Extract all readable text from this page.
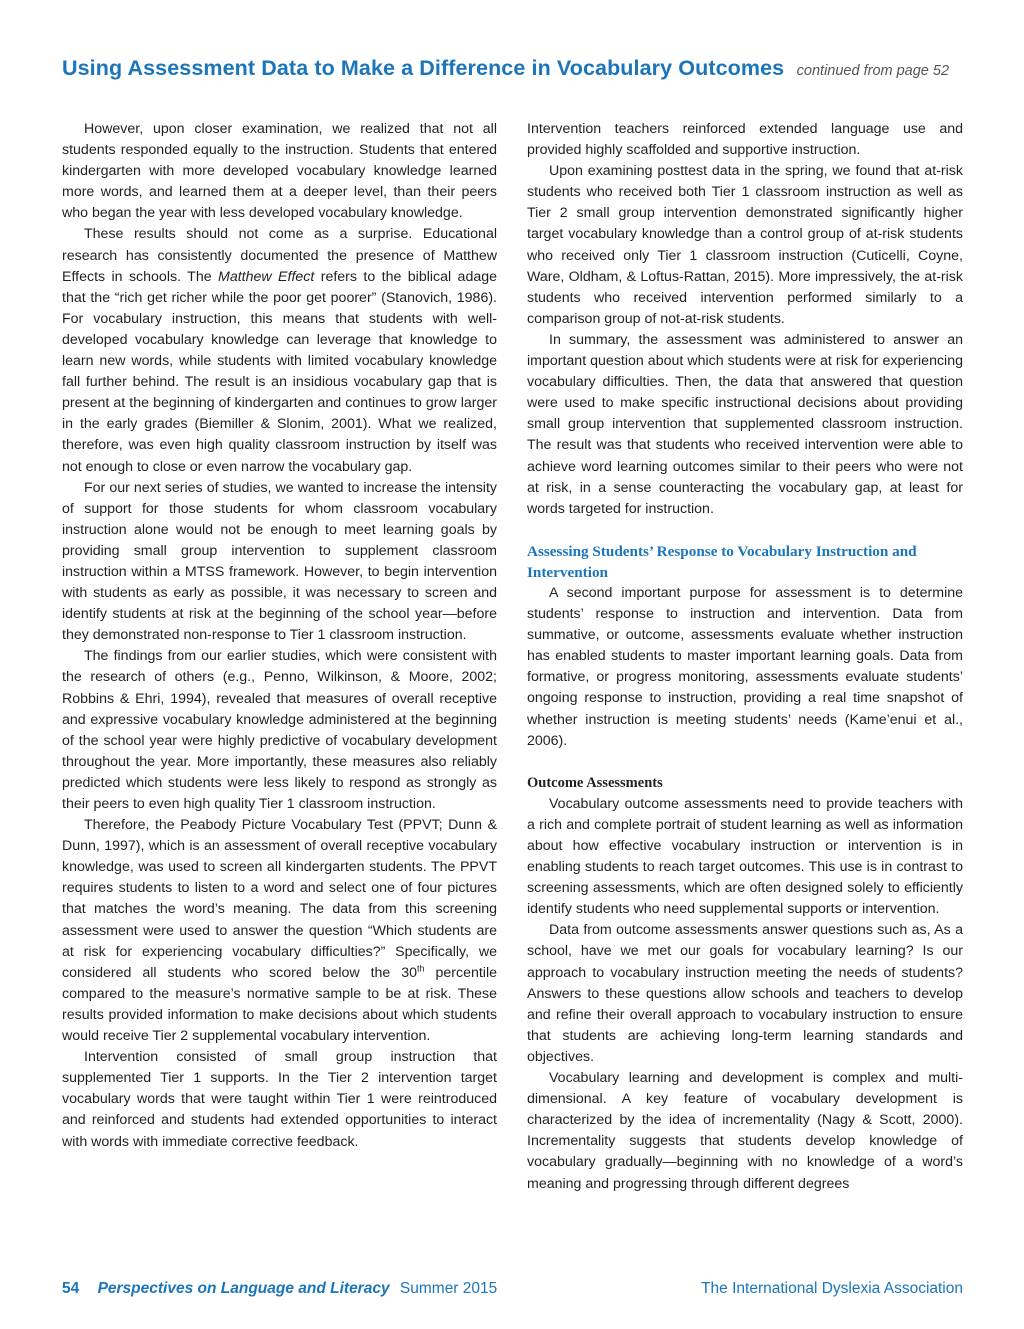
Using Assessment Data to Make a Difference in Vocabulary Outcomes continued from page 52

However, upon closer examination, we realized that not all students responded equally to the instruction. Students that entered kindergarten with more developed vocabulary knowledge learned more words, and learned them at a deeper level, than their peers who began the year with less developed vocabulary knowledge.

These results should not come as a surprise. Educational research has consistently documented the presence of Matthew Effects in schools. The Matthew Effect refers to the biblical adage that the “rich get richer while the poor get poorer” (Stanovich, 1986). For vocabulary instruction, this means that students with well-developed vocabulary knowledge can leverage that knowledge to learn new words, while students with limited vocabulary knowledge fall further behind. The result is an insidious vocabulary gap that is present at the beginning of kindergarten and continues to grow larger in the early grades (Biemiller & Slonim, 2001). What we realized, therefore, was even high quality classroom instruction by itself was not enough to close or even narrow the vocabulary gap.

For our next series of studies, we wanted to increase the intensity of support for those students for whom classroom vocabulary instruction alone would not be enough to meet learning goals by providing small group intervention to supplement classroom instruction within a MTSS framework. However, to begin intervention with students as early as possible, it was necessary to screen and identify students at risk at the beginning of the school year—before they demonstrated non-response to Tier 1 classroom instruction.

The findings from our earlier studies, which were consistent with the research of others (e.g., Penno, Wilkinson, & Moore, 2002; Robbins & Ehri, 1994), revealed that measures of overall receptive and expressive vocabulary knowledge administered at the beginning of the school year were highly predictive of vocabulary development throughout the year. More importantly, these measures also reliably predicted which students were less likely to respond as strongly as their peers to even high quality Tier 1 classroom instruction.

Therefore, the Peabody Picture Vocabulary Test (PPVT; Dunn & Dunn, 1997), which is an assessment of overall receptive vocabulary knowledge, was used to screen all kindergarten students. The PPVT requires students to listen to a word and select one of four pictures that matches the word’s meaning. The data from this screening assessment were used to answer the question “Which students are at risk for experiencing vocabulary difficulties?” Specifically, we considered all students who scored below the 30th percentile compared to the measure’s normative sample to be at risk. These results provided information to make decisions about which students would receive Tier 2 supplemental vocabulary intervention.

Intervention consisted of small group instruction that supplemented Tier 1 supports. In the Tier 2 intervention target vocabulary words that were taught within Tier 1 were reintroduced and reinforced and students had extended opportunities to interact with words with immediate corrective feedback.

Intervention teachers reinforced extended language use and provided highly scaffolded and supportive instruction.

Upon examining posttest data in the spring, we found that at-risk students who received both Tier 1 classroom instruction as well as Tier 2 small group intervention demonstrated significantly higher target vocabulary knowledge than a control group of at-risk students who received only Tier 1 classroom instruction (Cuticelli, Coyne, Ware, Oldham, & Loftus-Rattan, 2015). More impressively, the at-risk students who received intervention performed similarly to a comparison group of not-at-risk students.

In summary, the assessment was administered to answer an important question about which students were at risk for experiencing vocabulary difficulties. Then, the data that answered that question were used to make specific instructional decisions about providing small group intervention that supplemented classroom instruction. The result was that students who received intervention were able to achieve word learning outcomes similar to their peers who were not at risk, in a sense counteracting the vocabulary gap, at least for words targeted for instruction.

Assessing Students’ Response to Vocabulary Instruction and Intervention

A second important purpose for assessment is to determine students’ response to instruction and intervention. Data from summative, or outcome, assessments evaluate whether instruction has enabled students to master important learning goals. Data from formative, or progress monitoring, assessments evaluate students’ ongoing response to instruction, providing a real time snapshot of whether instruction is meeting students’ needs (Kame’enui et al., 2006).

Outcome Assessments

Vocabulary outcome assessments need to provide teachers with a rich and complete portrait of student learning as well as information about how effective vocabulary instruction or intervention is in enabling students to reach target outcomes. This use is in contrast to screening assessments, which are often designed solely to efficiently identify students who need supplemental supports or intervention.

Data from outcome assessments answer questions such as, As a school, have we met our goals for vocabulary learning? Is our approach to vocabulary instruction meeting the needs of students? Answers to these questions allow schools and teachers to develop and refine their overall approach to vocabulary instruction to ensure that students are achieving long-term learning standards and objectives.

Vocabulary learning and development is complex and multi-dimensional. A key feature of vocabulary development is characterized by the idea of incrementality (Nagy & Scott, 2000). Incrementality suggests that students develop knowledge of vocabulary gradually—beginning with no knowledge of a word’s meaning and progressing through different degrees

54 Perspectives on Language and Literacy Summer 2015	The International Dyslexia Association
